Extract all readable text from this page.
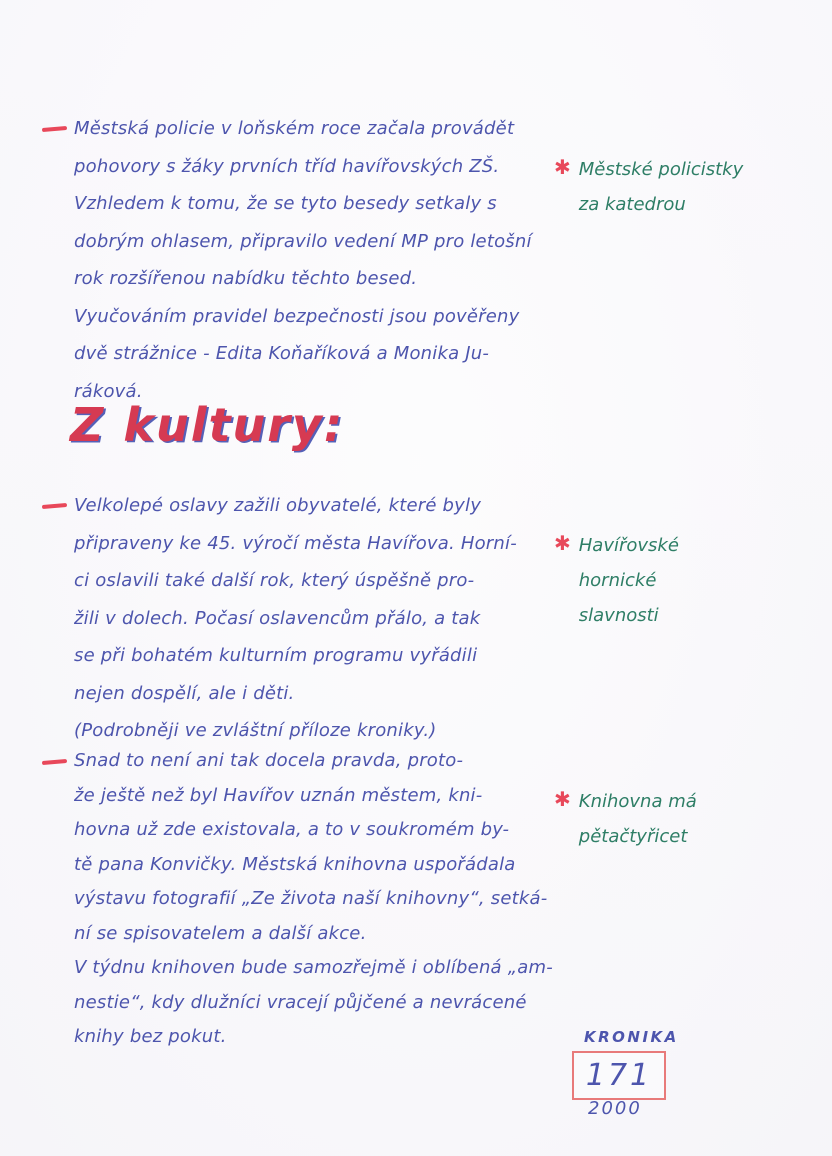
Městská policie v loňském roce začala provádět
pohovory s žáky prvních tříd havířovských ZŠ.
Vzhledem k tomu, že se tyto besedy setkaly s
dobrým ohlasem, připravilo vedení MP pro letošní
rok rozšířenou nabídku těchto besed.
Vyučováním pravidel bezpečnosti jsou pověřeny
dvě strážnice - Edita Koňaříková a Monika Ju-
ráková.
✱ Městské policistky
za katedrou
Z kultury:
Velkolepé oslavy zažili obyvatelé, které byly
připraveny ke 45. výročí města Havířova. Horní-
ci oslavili také další rok, který úspěšně pro-
žili v dolech. Počasí oslavencům přálo, a tak
se při bohatém kulturním programu vyřádili
nejen dospělí, ale i děti.
(Podrobněji ve zvláštní příloze kroniky.)
✱ Havířovské
hornické
slavnosti
Snad to není ani tak docela pravda, proto-
že ještě než byl Havířov uznán městem, kni-
hovna už zde existovala, a to v soukromém by-
tě pana Konvičky. Městská knihovna uspořádala
výstavu fotografií „Ze života naší knihovny“, setká-
ní se spisovatelem a další akce.
V týdnu knihoven bude samozřejmě i oblíbená „am-
nestie“, kdy dlužníci vracejí půjčené a nevrácené
knihy bez pokut.
✱ Knihovna má
pětačtyřicet
KRONIKA
171
2000
